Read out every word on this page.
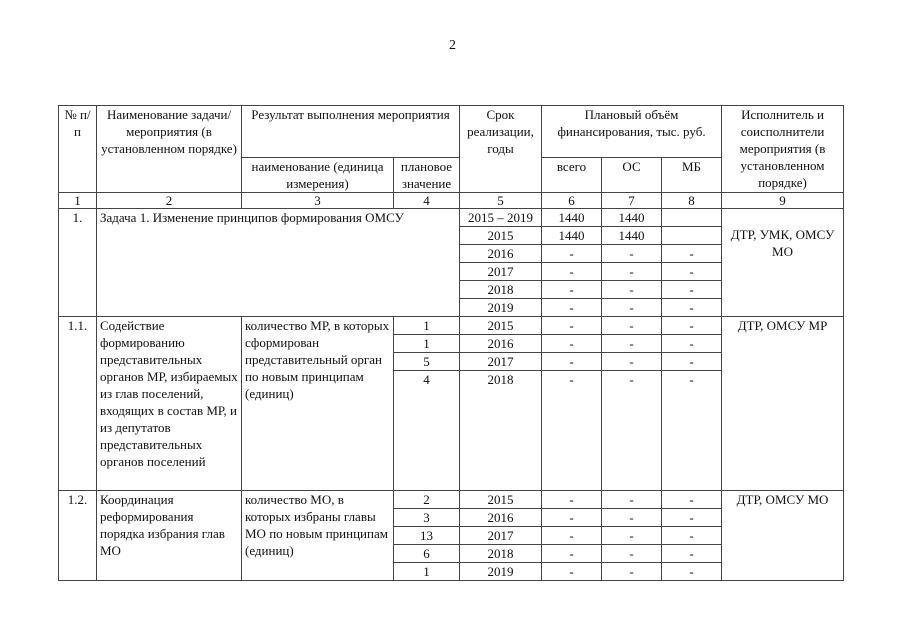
2
№ п/п	Наименование задачи/мероприятия (в установленном порядке)	Результат выполнения мероприятия		Срок реализации, годы	Плановый объём финансирования, тыс. руб.			Исполнитель и соисполнители мероприятия (в установленном порядке)
		наименование (единица измерения)	плановое значение		всего	ОС	МБ	
1	2	3	4	5	6	7	8	9
1.	Задача 1. Изменение принципов формирования ОМСУ			2015 – 2019	1440	1440		ДТР, УМК, ОМСУ МО
				2015	1440	1440		
				2016	-	-	-	
				2017	-	-	-	
				2018	-	-	-	
				2019	-	-	-	
1.1.	Содействие формированию представительных органов МР, избираемых из глав поселений, входящих в состав МР, и из депутатов представительных органов поселений	количество МР, в которых сформирован представительный орган по новым принципам (единиц)	1	2015	-	-	-	ДТР, ОМСУ МР
			1	2016	-	-	-	
			5	2017	-	-	-	
			4	2018	-	-	-	
1.2.	Координация реформирования порядка избрания глав МО	количество МО, в которых избраны главы МО по новым принципам (единиц)	2	2015	-	-	-	ДТР, ОМСУ МО
			3	2016	-	-	-	
			13	2017	-	-	-	
			6	2018	-	-	-	
			1	2019	-	-	-	
